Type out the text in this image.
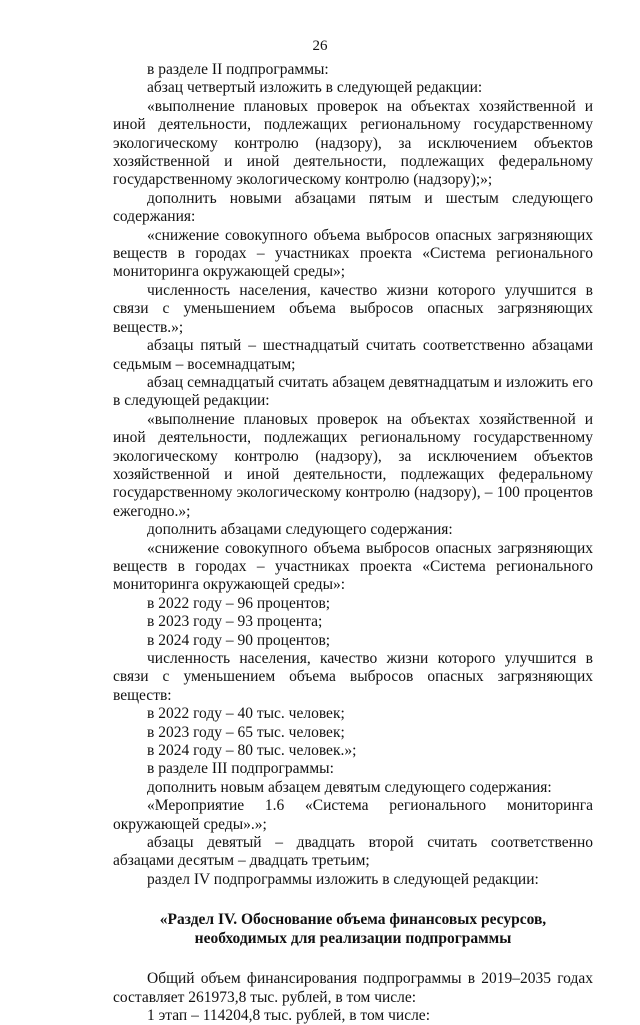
26

в разделе II подпрограммы:

абзац четвертый изложить в следующей редакции:

«выполнение плановых проверок на объектах хозяйственной и иной деятельности, подлежащих региональному государственному экологическому контролю (надзору), за исключением объектов хозяйственной и иной деятельности, подлежащих федеральному государственному экологическому контролю (надзору);»;

дополнить новыми абзацами пятым и шестым следующего содержания:

«снижение совокупного объема выбросов опасных загрязняющих веществ в городах – участниках проекта «Система регионального мониторинга окружающей среды»;

численность населения, качество жизни которого улучшится в связи с уменьшением объема выбросов опасных загрязняющих веществ.»;

абзацы пятый – шестнадцатый считать соответственно абзацами седьмым – восемнадцатым;

абзац семнадцатый считать абзацем девятнадцатым и изложить его в следующей редакции:

«выполнение плановых проверок на объектах хозяйственной и иной деятельности, подлежащих региональному государственному экологическому контролю (надзору), за исключением объектов хозяйственной и иной деятельности, подлежащих федеральному государственному экологическому контролю (надзору), – 100 процентов ежегодно.»;

дополнить абзацами следующего содержания:

«снижение совокупного объема выбросов опасных загрязняющих веществ в городах – участниках проекта «Система регионального мониторинга окружающей среды»:

в 2022 году – 96 процентов;

в 2023 году – 93 процента;

в 2024 году – 90 процентов;

численность населения, качество жизни которого улучшится в связи с уменьшением объема выбросов опасных загрязняющих веществ:

в 2022 году – 40 тыс. человек;

в 2023 году – 65 тыс. человек;

в 2024 году – 80 тыс. человек.»;

в разделе III подпрограммы:

дополнить новым абзацем девятым следующего содержания:

«Мероприятие 1.6 «Система регионального мониторинга окружающей среды».»;

абзацы девятый – двадцать второй считать соответственно абзацами десятым – двадцать третьим;

раздел IV подпрограммы изложить в следующей редакции:

«Раздел IV. Обоснование объема финансовых ресурсов,
необходимых для реализации подпрограммы

Общий объем финансирования подпрограммы в 2019–2035 годах составляет 261973,8 тыс. рублей, в том числе:

1 этап – 114204,8 тыс. рублей, в том числе:
